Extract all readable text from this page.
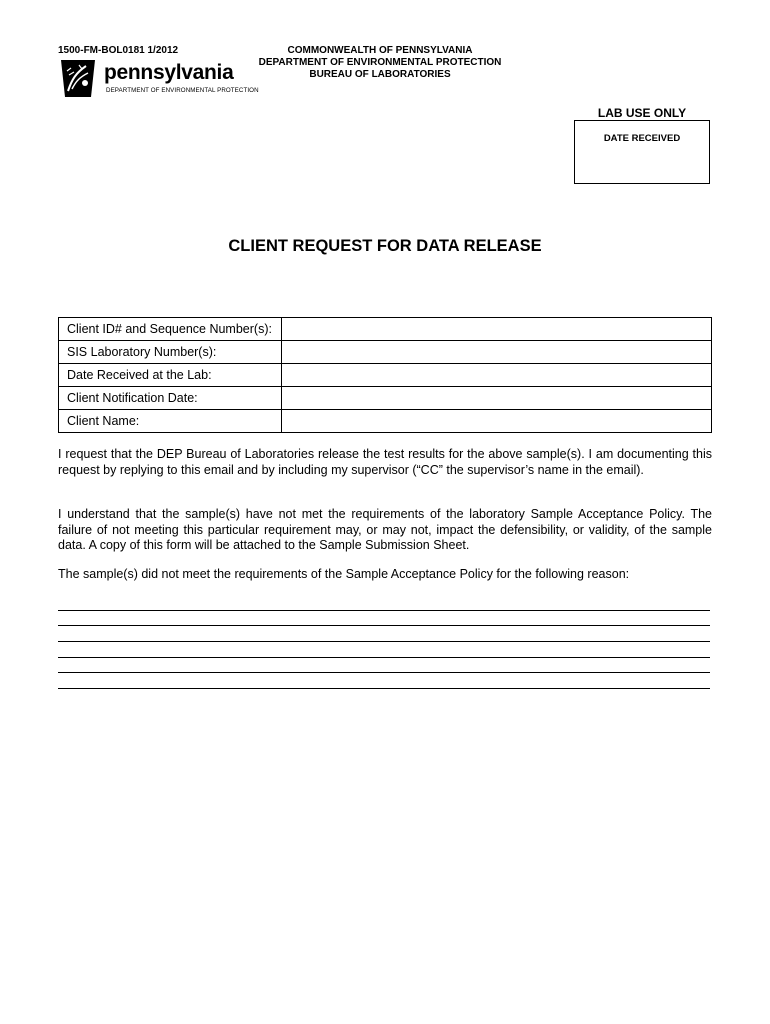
1500-FM-BOL0181 1/2012
pennsylvania
DEPARTMENT OF ENVIRONMENTAL PROTECTION
COMMONWEALTH OF PENNSYLVANIA
DEPARTMENT OF ENVIRONMENTAL PROTECTION
BUREAU OF LABORATORIES
LAB USE ONLY
DATE RECEIVED
CLIENT REQUEST FOR DATA RELEASE
Client ID# and Sequence Number(s):	
SIS Laboratory Number(s):	
Date Received at the Lab:	
Client Notification Date:	
Client Name:	
I request that the DEP Bureau of Laboratories release the test results for the above sample(s). I am documenting this request by replying to this email and by including my supervisor (“CC” the supervisor’s name in the email).
I understand that the sample(s) have not met the requirements of the laboratory Sample Acceptance Policy. The failure of not meeting this particular requirement may, or may not, impact the defensibility, or validity, of the sample data. A copy of this form will be attached to the Sample Submission Sheet.
The sample(s) did not meet the requirements of the Sample Acceptance Policy for the following reason:
